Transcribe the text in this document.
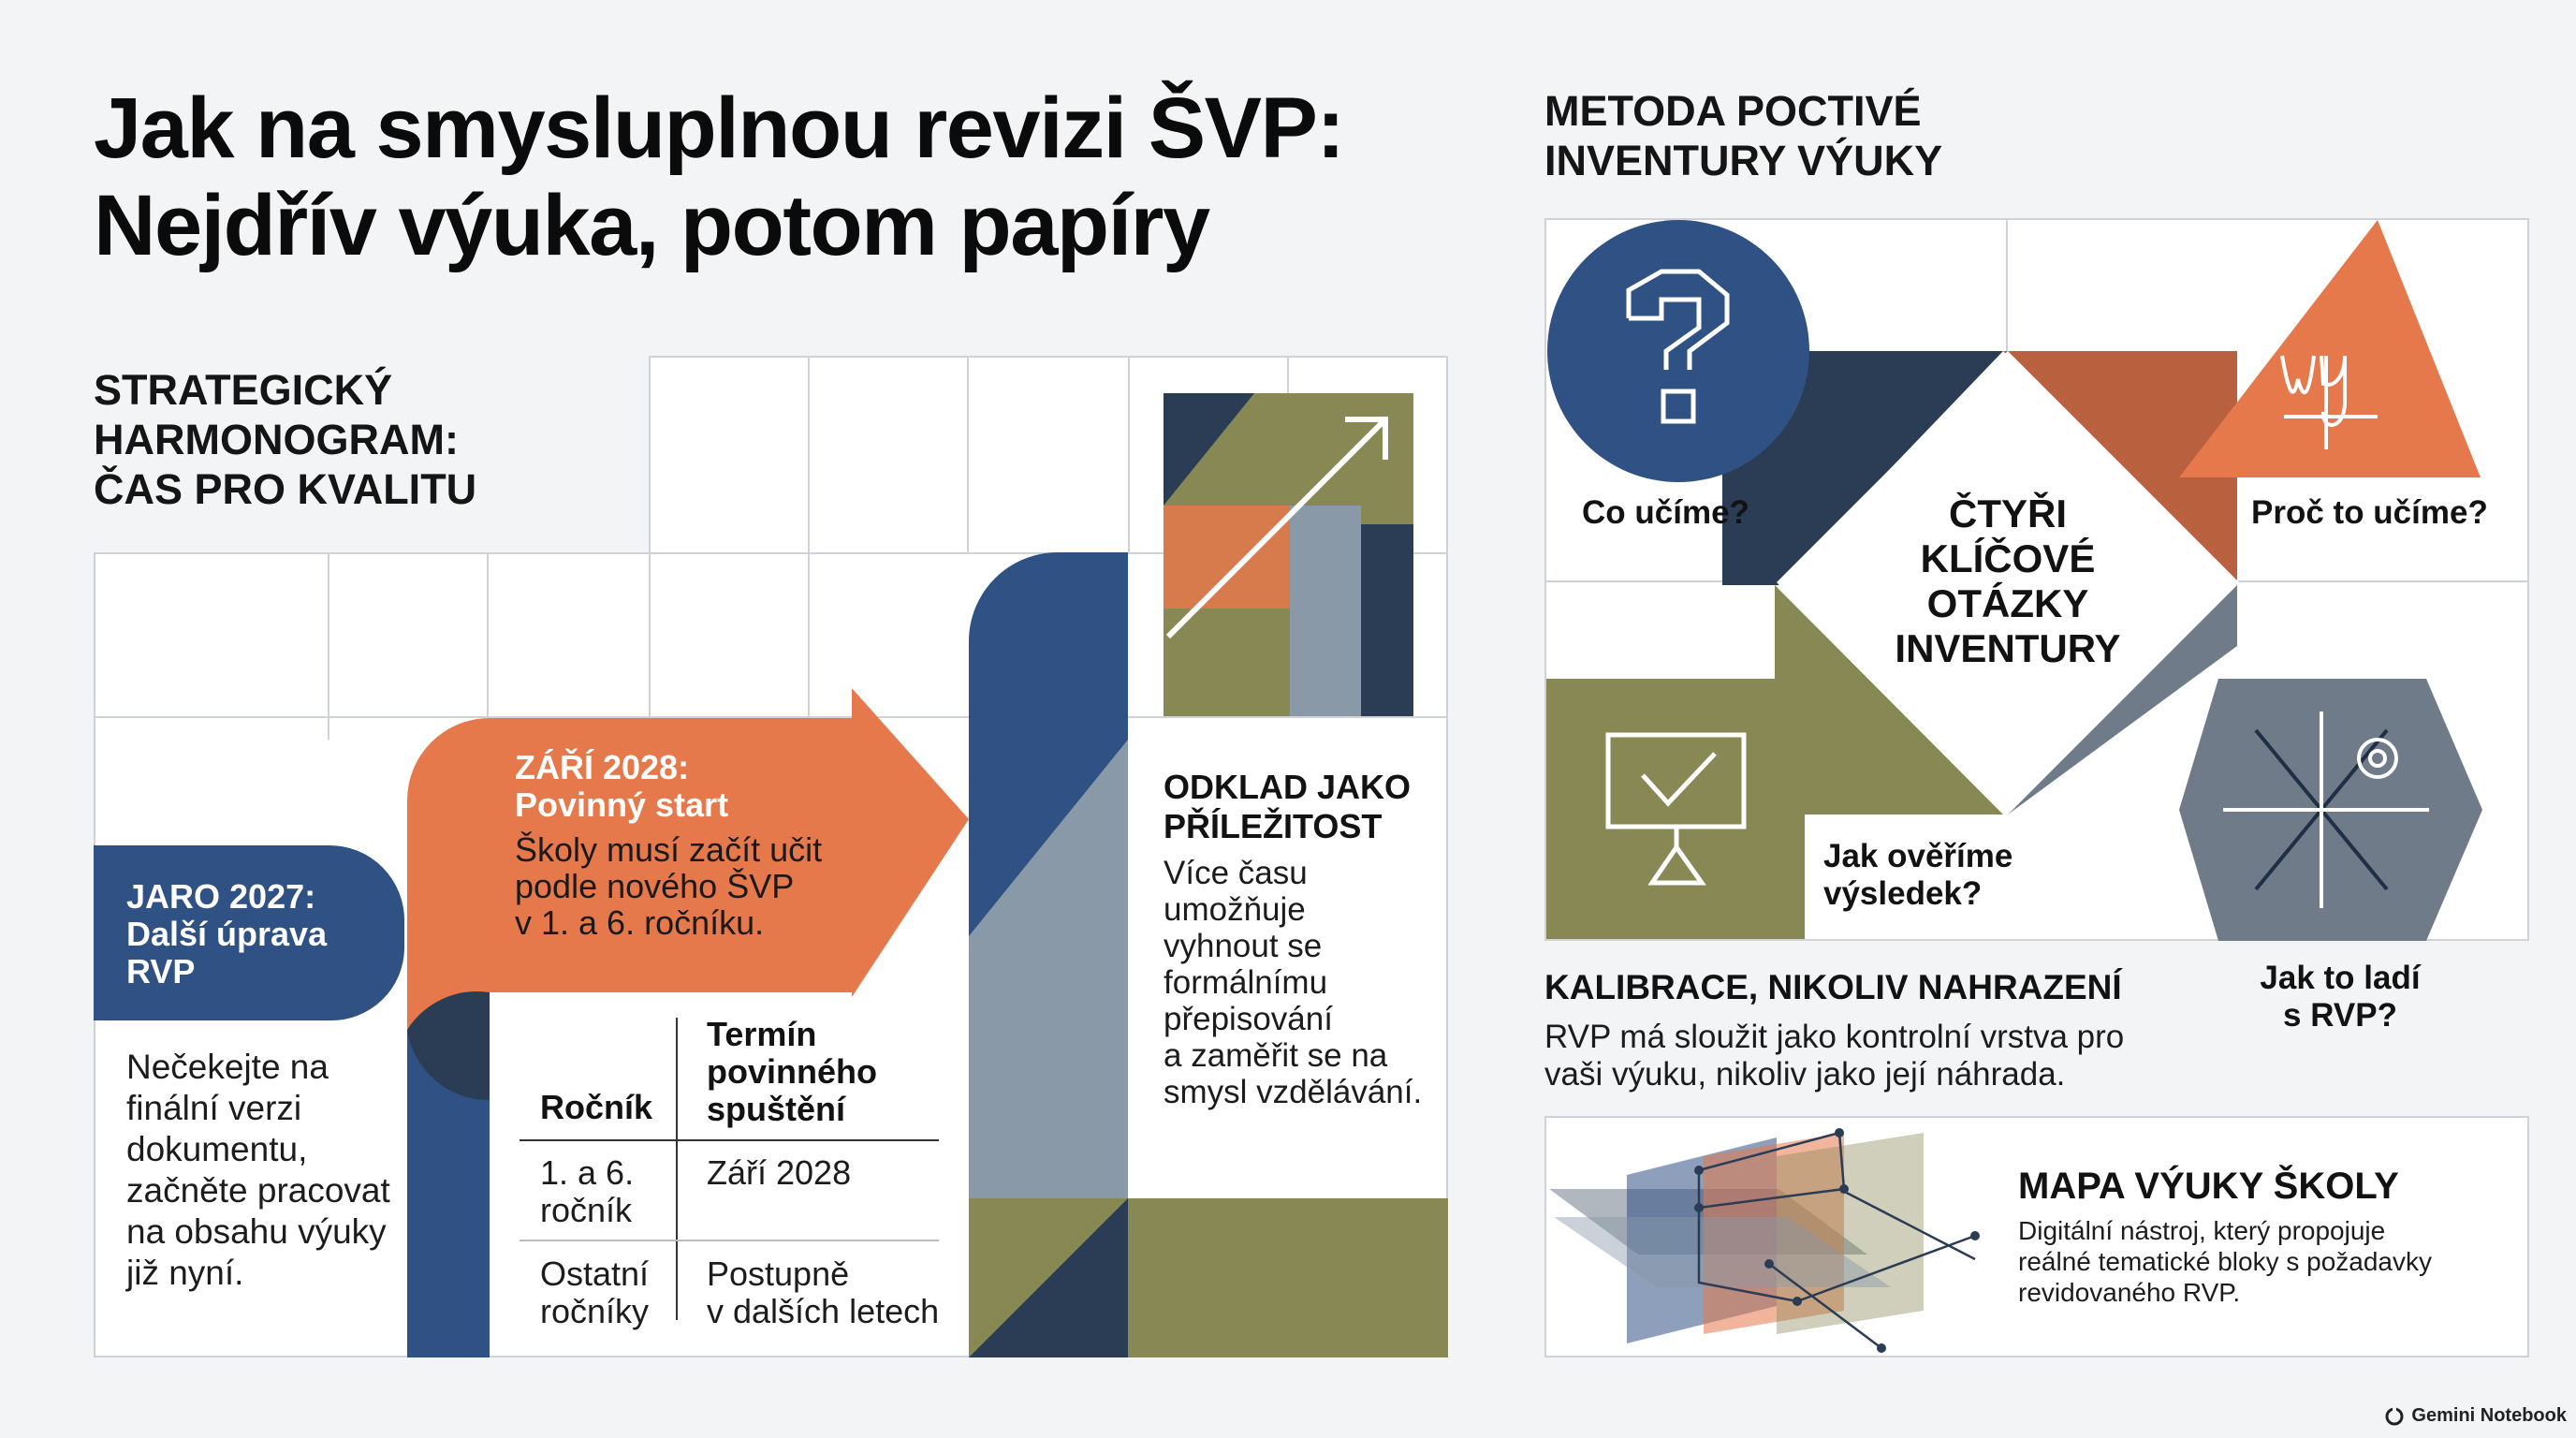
Jak na smysluplnou revizi ŠVP:
Nejdřív výuka, potom papíry
STRATEGICKÝ
HARMONOGRAM:
ČAS PRO KVALITU
JARO 2027:
Další úprava
RVP
Nečekejte na
finální verzi
dokumentu,
začněte pracovat
na obsahu výuky
již nyní.
ZÁŘÍ 2028:
Povinný start
Školy musí začít učit
podle nového ŠVP
v 1. a 6. ročníku.
Ročník
Termín
povinného
spuštění
1. a 6.
ročník
Září 2028
Ostatní
ročníky
Postupně
v dalších letech
ODKLAD JAKO
PŘÍLEŽITOST
Více času
umožňuje
vyhnout se
formálnímu
přepisování
a zaměřit se na
smysl vzdělávání.
METODA POCTIVÉ
INVENTURY VÝUKY
Co učíme?	Proč to učíme?
ČTYŘI
KLÍČOVÉ
OTÁZKY
INVENTURY
Jak ověříme
výsledek?
Jak to ladí
s RVP?
KALIBRACE, NIKOLIV NAHRAZENÍ
RVP má sloužit jako kontrolní vrstva pro
vaši výuku, nikoliv jako její náhrada.
MAPA VÝUKY ŠKOLY
Digitální nástroj, který propojuje
reálné tematické bloky s požadavky
revidovaného RVP.
Gemini Notebook
